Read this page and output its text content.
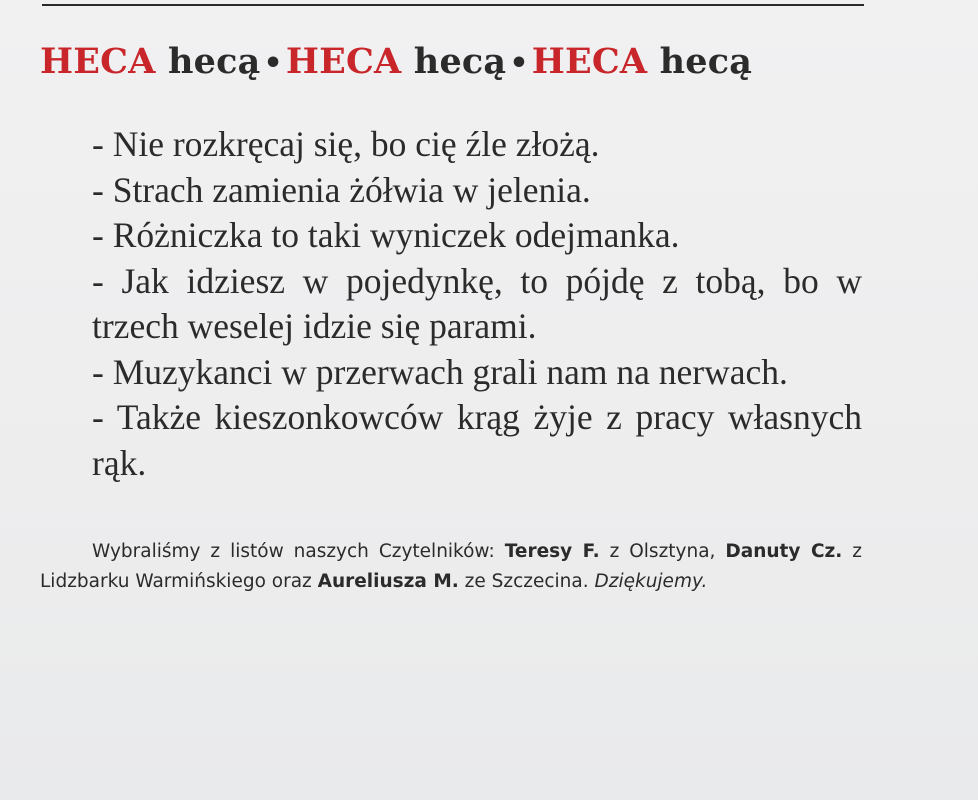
HECA hecą •HECA hecą •HECA hecą

- Nie rozkręcaj się, bo cię źle złożą.

- Strach zamienia żółwia w jelenia.

- Różniczka to taki wyniczek odejmanka.

- Jak idziesz w pojedynkę, to pójdę z tobą, bo w trzech weselej idzie się parami.

- Muzykanci w przerwach grali nam na nerwach.

- Także kieszonkowców krąg żyje z pracy własnych rąk.

Wybraliśmy z listów naszych Czytelników: Teresy F. z Olsztyna, Danuty Cz. z Lidzbarku Warmińskiego oraz Aureliusza M. ze Szczecina. Dziękujemy.
